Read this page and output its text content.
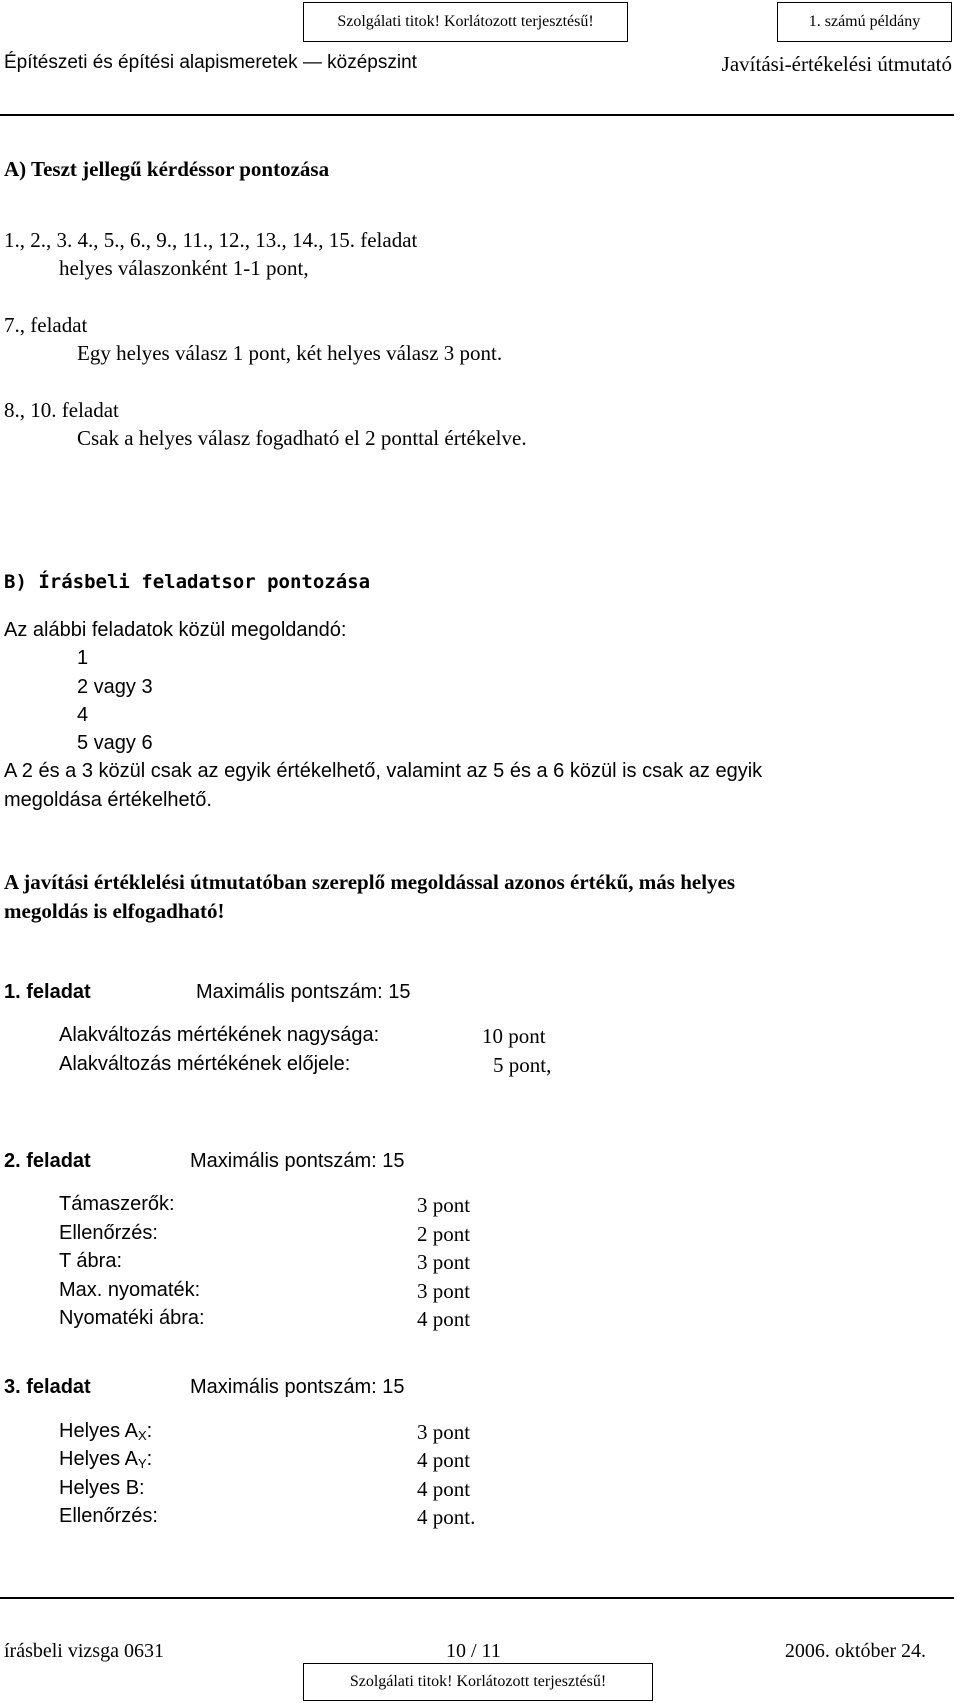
Szolgálati titok! Korlátozott terjesztésű!	1. számú példány
Építészeti és építési alapismeretek — középszint	Javítási-értékelési útmutató
A) Teszt jellegű kérdéssor pontozása
1., 2., 3. 4., 5., 6., 9., 11., 12., 13., 14., 15. feladat
helyes válaszonként 1-1 pont,
7., feladat
Egy helyes válasz 1 pont, két helyes válasz 3 pont.
8., 10. feladat
Csak a helyes válasz fogadható el 2 ponttal értékelve.
B) Írásbeli feladatsor pontozása
Az alábbi feladatok közül megoldandó:
1
2 vagy 3
4
5 vagy 6
A 2 és a 3 közül csak az egyik értékelhető, valamint az 5 és a 6 közül is csak az egyik
megoldása értékelhető.
A javítási értéklelési útmutatóban szereplő megoldással azonos értékű, más helyes
megoldás is elfogadható!
1. feladat	Maximális pontszám: 15
Alakváltozás mértékének nagysága:	10 pont
Alakváltozás mértékének előjele:	5 pont,
2. feladat	Maximális pontszám: 15
Támaszerők:	3 pont
Ellenőrzés:	2 pont
T ábra:	3 pont
Max. nyomaték:	3 pont
Nyomatéki ábra:	4 pont
3. feladat	Maximális pontszám: 15
Helyes $A_X$:	3 pont
Helyes $A_Y$:	4 pont
Helyes B:	4 pont
Ellenőrzés:	4 pont.
írásbeli vizsga 0631	10 / 11	2006. október 24.
Szolgálati titok! Korlátozott terjesztésű!
